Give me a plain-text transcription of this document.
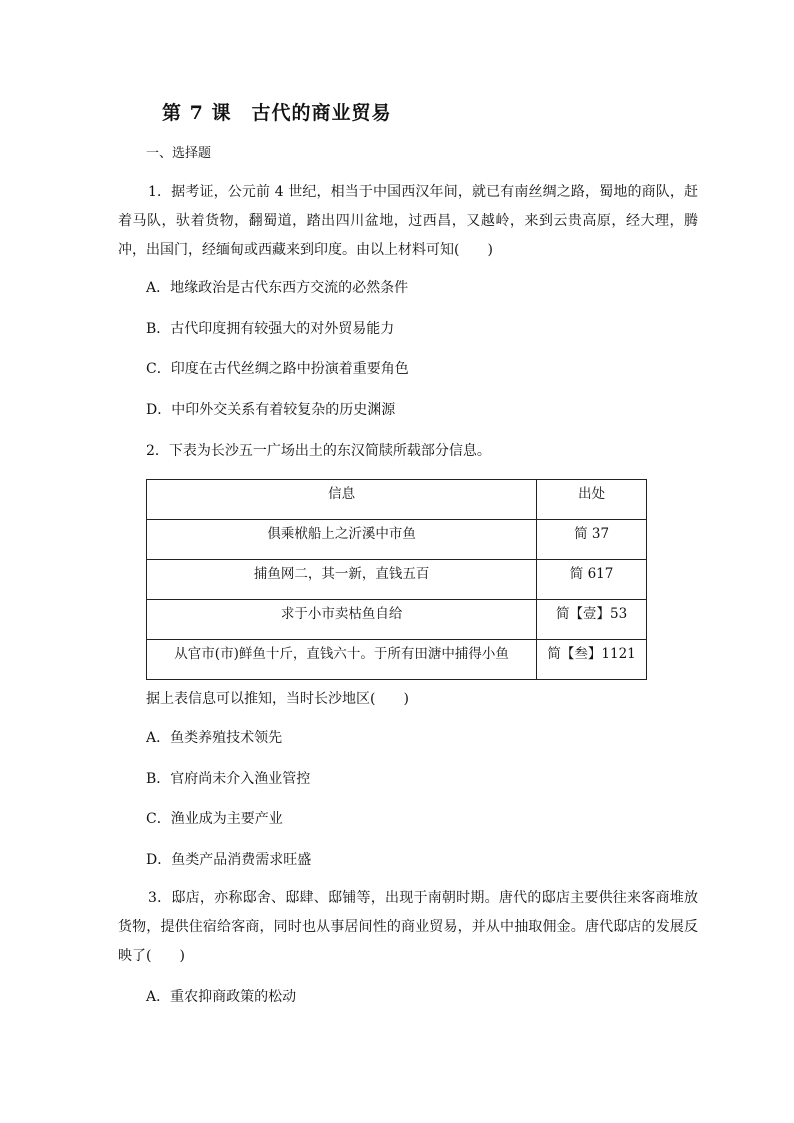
第 7 课　古代的商业贸易
一、选择题

1．据考证，公元前 4 世纪，相当于中国西汉年间，就已有南丝绸之路，蜀地的商队，赶着马队，驮着货物，翻蜀道，踏出四川盆地，过西昌，又越岭，来到云贵高原，经大理，腾冲，出国门，经缅甸或西藏来到印度。由以上材料可知(　　)

A．地缘政治是古代东西方交流的必然条件
B．古代印度拥有较强大的对外贸易能力
C．印度在古代丝绸之路中扮演着重要角色
D．中印外交关系有着较复杂的历史渊源
2．下表为长沙五一广场出土的东汉简牍所载部分信息。
信息	出处
俱乘栿船上之沂溪中市鱼	简 37
捕鱼网二，其一新，直钱五百	简 617
求于小市卖枯鱼自给	简【壹】53
从官市(市)鲜鱼十斤，直钱六十。于所有田溏中捕得小鱼	简【叁】1121
据上表信息可以推知，当时长沙地区(　　)
A．鱼类养殖技术领先
B．官府尚未介入渔业管控
C．渔业成为主要产业
D．鱼类产品消费需求旺盛

3．邸店，亦称邸舍、邸肆、邸铺等，出现于南朝时期。唐代的邸店主要供往来客商堆放货物，提供住宿给客商，同时也从事居间性的商业贸易，并从中抽取佣金。唐代邸店的发展反映了(　　)

A．重农抑商政策的松动
